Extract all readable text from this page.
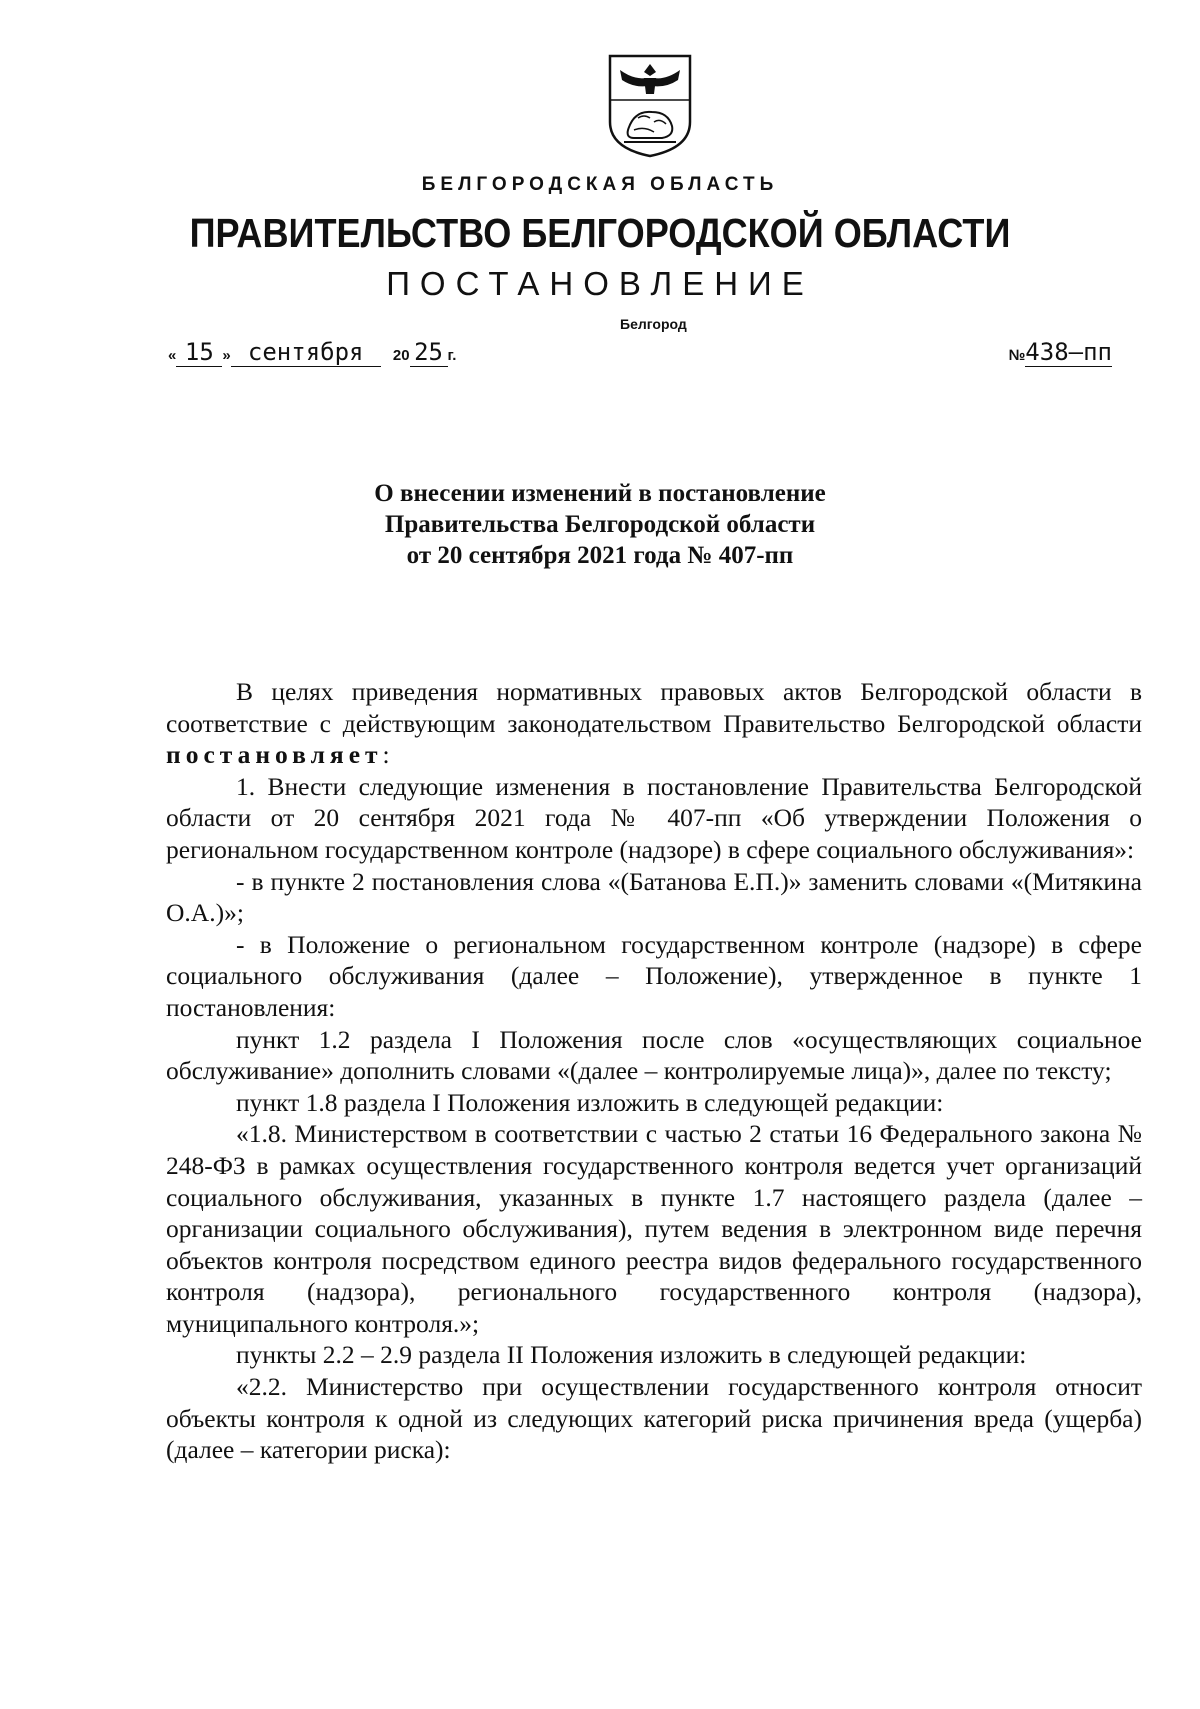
БЕЛГОРОДСКАЯ ОБЛАСТЬ
ПРАВИТЕЛЬСТВО БЕЛГОРОДСКОЙ ОБЛАСТИ
ПОСТАНОВЛЕНИЕ
Белгород
« 15 » сентября 20 25 г.	№438–пп
О внесении изменений в постановление
Правительства Белгородской области
от 20 сентября 2021 года № 407-пп

В целях приведения нормативных правовых актов Белгородской области в соответствие с действующим законодательством Правительство Белгородской области постановляет:

1. Внести следующие изменения в постановление Правительства Белгородской области от 20 сентября 2021 года № 407-пп «Об утверждении Положения о региональном государственном контроле (надзоре) в сфере социального обслуживания»:

- в пункте 2 постановления слова «(Батанова Е.П.)» заменить словами «(Митякина О.А.)»;

- в Положение о региональном государственном контроле (надзоре) в сфере социального обслуживания (далее – Положение), утвержденное в пункте 1 постановления:

пункт 1.2 раздела I Положения после слов «осуществляющих социальное обслуживание» дополнить словами «(далее – контролируемые лица)», далее по тексту;

пункт 1.8 раздела I Положения изложить в следующей редакции:

«1.8. Министерством в соответствии с частью 2 статьи 16 Федерального закона № 248-ФЗ в рамках осуществления государственного контроля ведется учет организаций социального обслуживания, указанных в пункте 1.7 настоящего раздела (далее – организации социального обслуживания), путем ведения в электронном виде перечня объектов контроля посредством единого реестра видов федерального государственного контроля (надзора), регионального государственного контроля (надзора), муниципального контроля.»;

пункты 2.2 – 2.9 раздела II Положения изложить в следующей редакции:

«2.2. Министерство при осуществлении государственного контроля относит объекты контроля к одной из следующих категорий риска причинения вреда (ущерба) (далее – категории риска):
